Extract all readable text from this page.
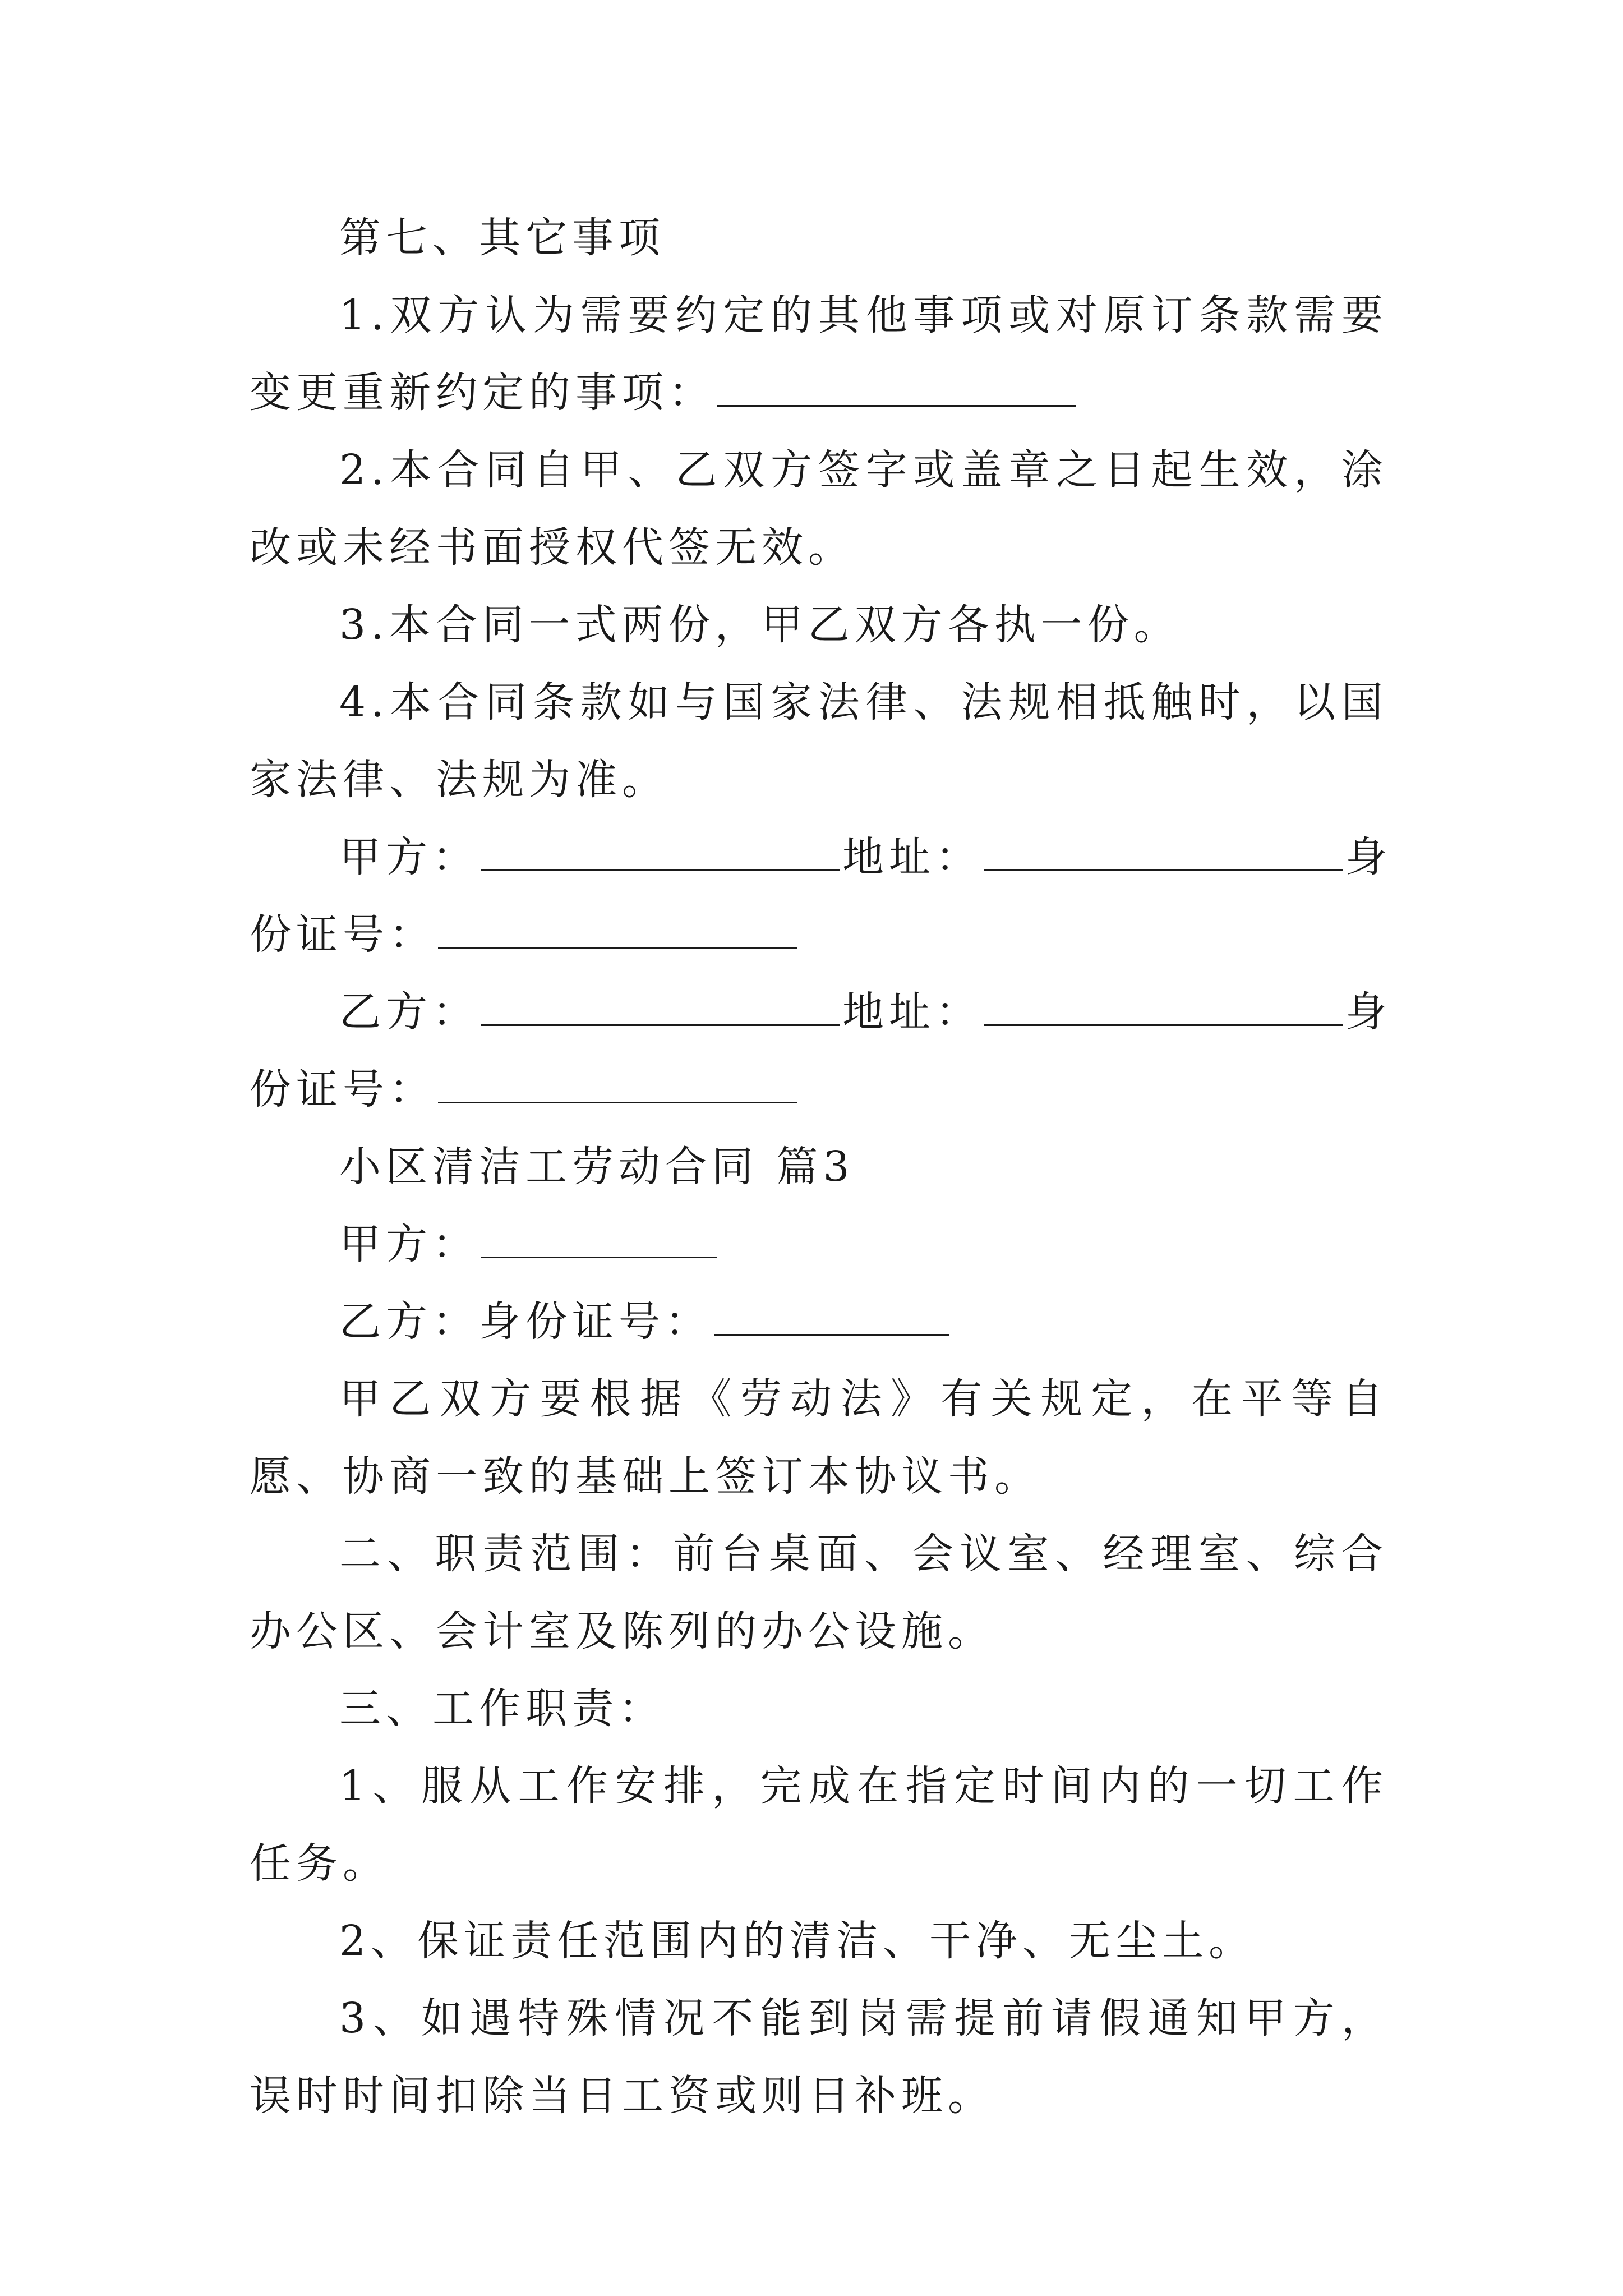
第七、其它事项

1.双方认为需要约定的其他事项或对原订条款需要变更重新约定的事项：

2.本合同自甲、乙双方签字或盖章之日起生效，涂改或未经书面授权代签无效。

3.本合同一式两份，甲乙双方各执一份。

4.本合同条款如与国家法律、法规相抵触时，以国家法律、法规为准。

甲方：	地址：	身份证号：

乙方：	地址：	身份证号：

小区清洁工劳动合同 篇3

甲方：

乙方：身份证号：

甲乙双方要根据《劳动法》有关规定，在平等自愿、协商一致的基础上签订本协议书。

二、职责范围：前台桌面、会议室、经理室、综合办公区、会计室及陈列的办公设施。

三、工作职责：

1、服从工作安排，完成在指定时间内的一切工作任务。

2、保证责任范围内的清洁、干净、无尘土。

3、如遇特殊情况不能到岗需提前请假通知甲方，误时时间扣除当日工资或则日补班。
